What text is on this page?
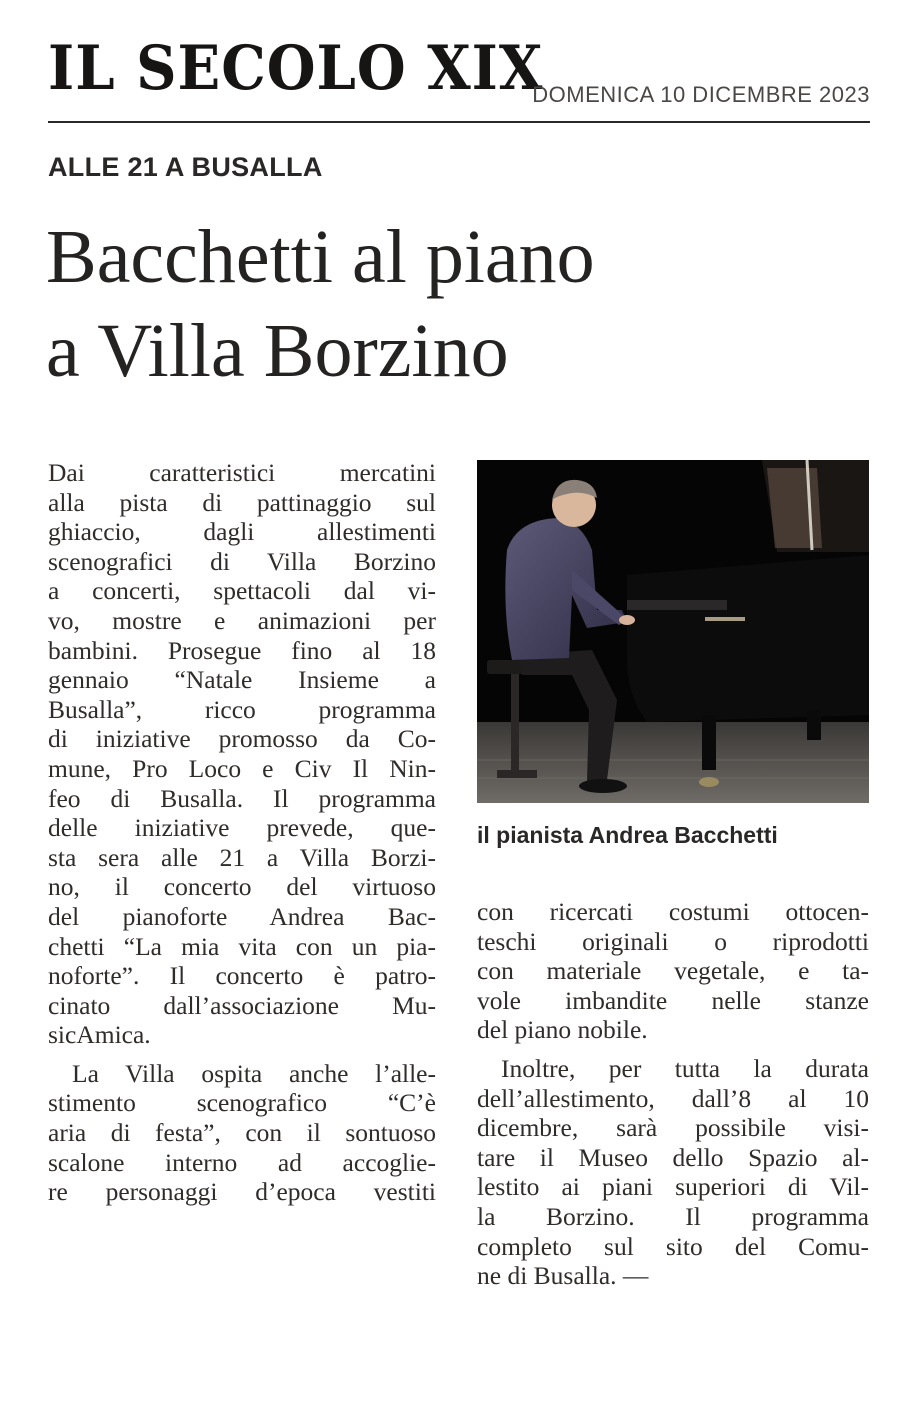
IL SECOLO XIX
DOMENICA 10 DICEMBRE 2023
ALLE 21 A BUSALLA
Bacchetti al piano
a Villa Borzino
Dai caratteristici mercatini
alla pista di pattinaggio sul
ghiaccio, dagli allestimenti
scenografici di Villa Borzino
a concerti, spettacoli dal vi-
vo, mostre e animazioni per
bambini. Prosegue fino al 18
gennaio “Natale Insieme a
Busalla”, ricco programma
di iniziative promosso da Co-
mune, Pro Loco e Civ Il Nin-
feo di Busalla. Il programma
delle iniziative prevede, que-
sta sera alle 21 a Villa Borzi-
no, il concerto del virtuoso
del pianoforte Andrea Bac-
chetti “La mia vita con un pia-
noforte”. Il concerto è patro-
cinato dall’associazione Mu-
sicAmica.
La Villa ospita anche l’alle-
stimento scenografico “C’è
aria di festa”, con il sontuoso
scalone interno ad accoglie-
re personaggi d’epoca vestiti
il pianista Andrea Bacchetti
con ricercati costumi ottocen-
teschi originali o riprodotti
con materiale vegetale, e ta-
vole imbandite nelle stanze
del piano nobile.
Inoltre, per tutta la durata
dell’allestimento, dall’8 al 10
dicembre, sarà possibile visi-
tare il Museo dello Spazio al-
lestito ai piani superiori di Vil-
la Borzino. Il programma
completo sul sito del Comu-
ne di Busalla. —
